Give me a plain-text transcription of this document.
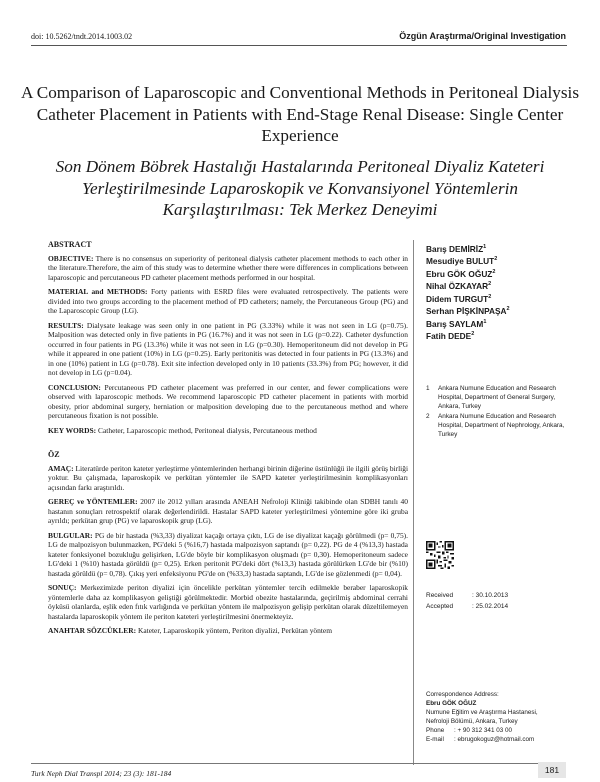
doi: 10.5262/tndt.2014.1003.02	Özgün Araştırma/Original Investigation
A Comparison of Laparoscopic and Conventional Methods in Peritoneal Dialysis Catheter Placement in Patients with End-Stage Renal Disease: Single Center Experience
Son Dönem Böbrek Hastalığı Hastalarında Peritoneal Diyaliz Kateteri Yerleştirilmesinde Laparoskopik ve Konvansiyonel Yöntemlerin Karşılaştırılması: Tek Merkez Deneyimi
ABSTRACT

OBJECTIVE: There is no consensus on superiority of peritoneal dialysis catheter placement methods to each other in the literature.Therefore, the aim of this study was to determine whether there were differences in complications between laparoscopic and percutaneous PD catheter placement methods performed in our hospital.

MATERIAL and METHODS: Forty patients with ESRD files were evaluated retrospectively. The patients were divided into two groups according to the placement method of PD catheters; namely, the Percutaneous Group (PG) and the Laparoscopic Group (LG).

RESULTS: Dialysate leakage was seen only in one patient in PG (3.33%) while it was not seen in LG (p=0.75). Malposition was detected only in five patients in PG (16.7%) and it was not seen in LG (p=0.22). Catheter dysfunction occurred in four patients in PG (13.3%) while it was not seen in LG (p=0.30). Hemoperitoneum did not develop in PG while it appeared in one patient (10%) in LG (p=0.25). Early peritonitis was detected in four patients in PG (13.3%) and in one (10%) patient in LG (p=0.78). Exit site infection developed only in 10 patients (33.3%) from PG; however, it did not develop in LG (p=0.04).

CONCLUSION: Percutaneous PD catheter placement was preferred in our center, and fewer complications were observed with laparoscopic methods. We recommend laparoscopic PD catheter placement in patients with morbid obesity, prior abdominal surgery, herniation or malposition developing due to the percutaneous method and where percutaneous fixation is not possible.

KEY WORDS: Catheter, Laparoscopic method, Peritoneal dialysis, Percutaneous method

ÖZ

AMAÇ: Literatürde periton kateter yerleştirme yöntemlerinden herhangi birinin diğerine üstünlüğü ile ilgili görüş birliği yoktur. Bu çalışmada, laparoskopik ve perkütan yöntemler ile SAPD kateter yerleştirilmesinin komplikasyonları açısından farkı araştırıldı.

GEREÇ ve YÖNTEMLER: 2007 ile 2012 yılları arasında ANEAH Nefroloji Kliniği takibinde olan SDBH tanılı 40 hastanın sonuçları retrospektif olarak değerlendirildi. Hastalar SAPD kateter yerleştirilmesi yöntemine göre iki gruba ayrıldı; perkütan grup (PG) ve laparoskopik grup (LG).

BULGULAR: PG de bir hastada (%3,33) diyalizat kaçağı ortaya çıktı, LG de ise diyalizat kaçağı görülmedi (p= 0,75). LG de malpozisyon bulunmazken, PG'deki 5 (%16,7) hastada malpozisyon saptandı (p= 0,22). PG de 4 (%13,3) hastada kateter fonksiyonel bozukluğu gelişirken, LG'de böyle bir komplikasyon oluşmadı (p= 0,30). Hemoperitoneum sadece LG'deki 1 (%10) hastada görüldü (p= 0,25). Erken peritonit PG'deki dört (%13,3) hastada görülürken LG'de bir (%10) hastada görüldü (p= 0,78). Çıkış yeri enfeksiyonu PG'de on (%33,3) hastada saptandı, LG'de ise gözlenmedi (p= 0,04).

SONUÇ: Merkezimizde periton diyalizi için öncelikle perkütan yöntemler tercih edilmekle beraber laparoskopik yöntemlerle daha az komplikasyon geliştiği görülmektedir. Morbid obezite hastalarında, geçirilmiş abdominal cerrahi öyküsü olanlarda, eşlik eden fıtık varlığında ve perkütan yöntem ile malpozisyon gelişip perkütan olarak düzeltilemeyen hastalarda laparoskopik yöntem ile periton kateteri yerleştirilmesini önermekteyiz.

ANAHTAR SÖZCÜKLER: Kateter, Laparoskopik yöntem, Periton diyalizi, Perkütan yöntem

Barış DEMİRİZ$^1$
Mesudiye BULUT$^2$
Ebru GÖK OĞUZ$^2$
Nihal ÖZKAYAR$^2$
Didem TURGUT$^2$
Serhan PİŞKİNPAŞA$^2$
Barış SAYLAM$^1$
Fatih DEDE$^2$
1	Ankara Numune Education and Research Hospital, Department of General Surgery, Ankara, Turkey
2	Ankara Numune Education and Research Hospital, Department of Nephrology, Ankara, Turkey
Received	: 30.10.2013
Accepted	: 25.02.2014
Correspondence Address:
Ebru GÖK OĞUZ
Numune Eğitim ve Araştırma Hastanesi,
Nefroloji Bölümü, Ankara, Turkey
Phone : + 90 312 341 03 00
E-mail : ebrugokoguz@hotmail.com
Turk Neph Dial Transpl 2014; 23 (3): 181-184	181
